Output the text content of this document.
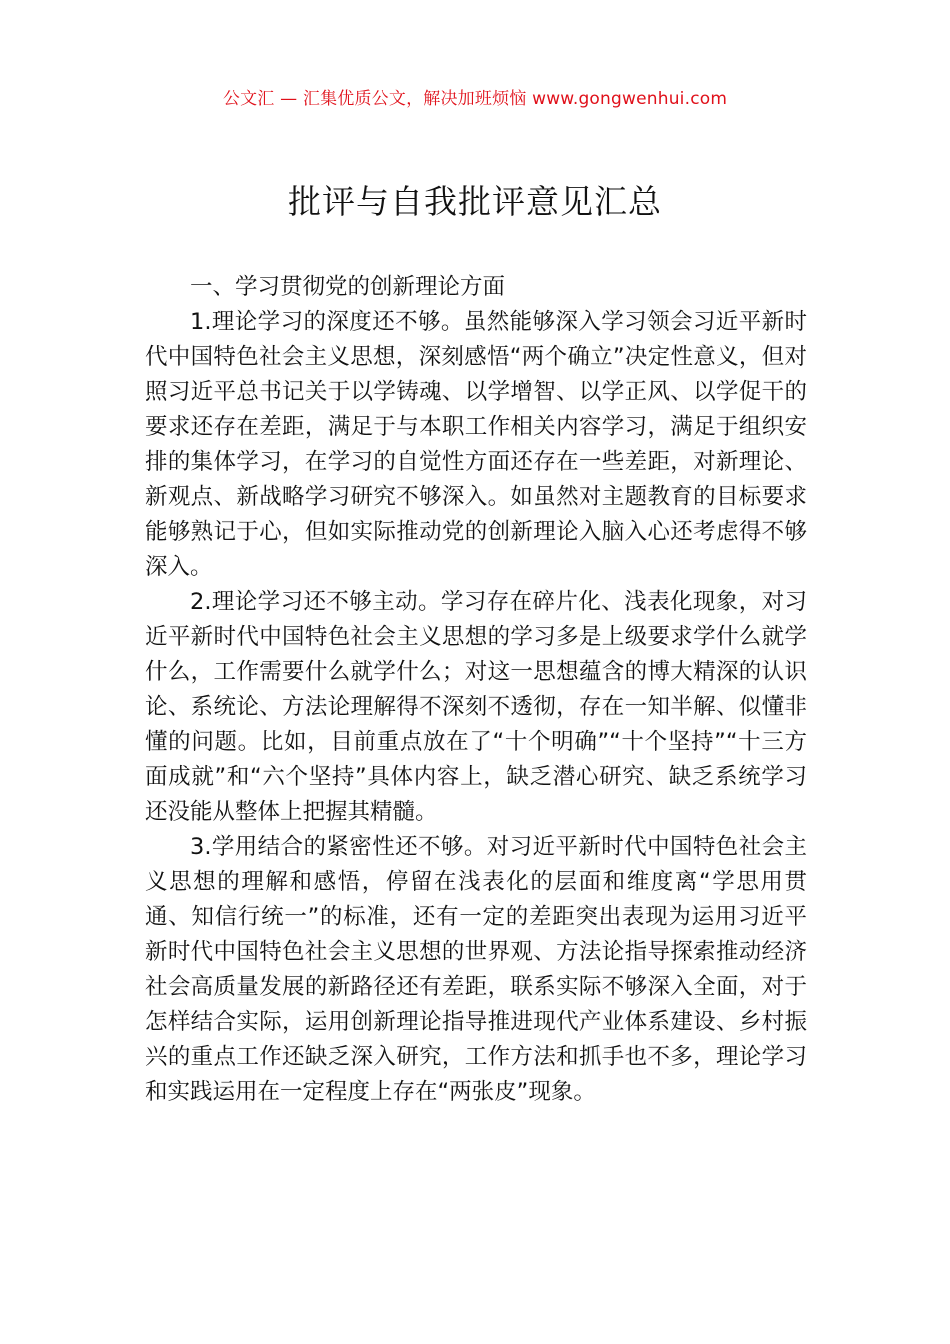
公文汇 — 汇集优质公文，解决加班烦恼 www.gongwenhui.com
批评与自我批评意见汇总

一、学习贯彻党的创新理论方面

1.理论学习的深度还不够。虽然能够深入学习领会习近平新时代中国特色社会主义思想，深刻感悟“两个确立”决定性意义，但对照习近平总书记关于以学铸魂、以学增智、以学正风、以学促干的要求还存在差距，满足于与本职工作相关内容学习，满足于组织安排的集体学习，在学习的自觉性方面还存在一些差距，对新理论、新观点、新战略学习研究不够深入。如虽然对主题教育的目标要求能够熟记于心，但如实际推动党的创新理论入脑入心还考虑得不够深入。

2.理论学习还不够主动。学习存在碎片化、浅表化现象，对习近平新时代中国特色社会主义思想的学习多是上级要求学什么就学什么，工作需要什么就学什么；对这一思想蕴含的博大精深的认识论、系统论、方法论理解得不深刻不透彻，存在一知半解、似懂非懂的问题。比如，目前重点放在了“十个明确”“十个坚持”“十三方面成就”和“六个坚持”具体内容上，缺乏潜心研究、缺乏系统学习还没能从整体上把握其精髓。

3.学用结合的紧密性还不够。对习近平新时代中国特色社会主义思想的理解和感悟，停留在浅表化的层面和维度离“学思用贯通、知信行统一”的标准，还有一定的差距突出表现为运用习近平新时代中国特色社会主义思想的世界观、方法论指导探索推动经济社会高质量发展的新路径还有差距，联系实际不够深入全面，对于怎样结合实际，运用创新理论指导推进现代产业体系建设、乡村振兴的重点工作还缺乏深入研究，工作方法和抓手也不多，理论学习和实践运用在一定程度上存在“两张皮”现象。
